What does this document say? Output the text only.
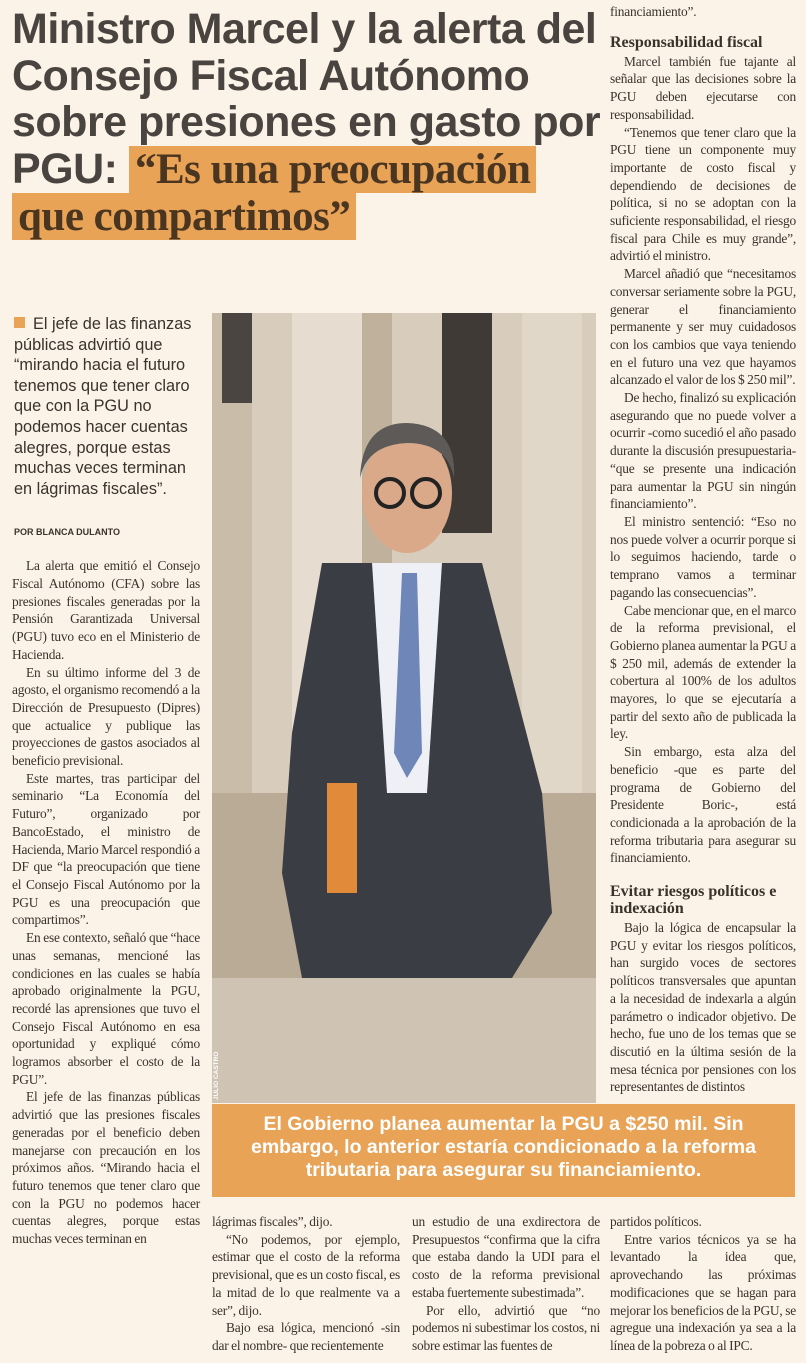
Ministro Marcel y la alerta del Consejo Fiscal Autónomo sobre presiones en gasto por PGU: “Es una preocupación que compartimos”
El jefe de las finanzas públicas advirtió que “mirando hacia el futuro tenemos que tener claro que con la PGU no podemos hacer cuentas alegres, porque estas muchas veces terminan en lágrimas fiscales”.
POR BLANCA DULANTO

La alerta que emitió el Consejo Fiscal Autónomo (CFA) sobre las presiones fiscales generadas por la Pensión Garantizada Universal (PGU) tuvo eco en el Ministerio de Hacienda.

En su último informe del 3 de agosto, el organismo recomendó a la Dirección de Presupuesto (Dipres) que actualice y publique las proyecciones de gastos asociados al beneficio previsional.

Este martes, tras participar del seminario “La Economía del Futuro”, organizado por BancoEstado, el ministro de Hacienda, Mario Marcel respondió a DF que “la preocupación que tiene el Consejo Fiscal Autónomo por la PGU es una preocupación que compartimos”.

En ese contexto, señaló que “hace unas semanas, mencioné las condiciones en las cuales se había aprobado originalmente la PGU, recordé las aprensiones que tuvo el Consejo Fiscal Autónomo en esa oportunidad y expliqué cómo logramos absorber el costo de la PGU”.

El jefe de las finanzas públicas advirtió que las presiones fiscales generadas por el beneficio deben manejarse con precaución en los próximos años. “Mirando hacia el futuro tenemos que tener claro que con la PGU no podemos hacer cuentas alegres, porque estas muchas veces terminan en

JULIO CASTRO
El Gobierno planea aumentar la PGU a $250 mil. Sin embargo, lo anterior estaría condicionado a la reforma tributaria para asegurar su financiamiento.

lágrimas fiscales”, dijo.

“No podemos, por ejemplo, estimar que el costo de la reforma previsional, que es un costo fiscal, es la mitad de lo que realmente va a ser”, dijo.

Bajo esa lógica, mencionó -sin dar el nombre- que recientemente

un estudio de una exdirectora de Presupuestos “confirma que la cifra que estaba dando la UDI para el costo de la reforma previsional estaba fuertemente subestimada”.

Por ello, advirtió que “no podemos ni subestimar los costos, ni sobre estimar las fuentes de

financiamiento”.

Responsabilidad fiscal

Marcel también fue tajante al señalar que las decisiones sobre la PGU deben ejecutarse con responsabilidad.

“Tenemos que tener claro que la PGU tiene un componente muy importante de costo fiscal y dependiendo de decisiones de política, si no se adoptan con la suficiente responsabilidad, el riesgo fiscal para Chile es muy grande”, advirtió el ministro.

Marcel añadió que “necesitamos conversar seriamente sobre la PGU, generar el financiamiento permanente y ser muy cuidadosos con los cambios que vaya teniendo en el futuro una vez que hayamos alcanzado el valor de los $ 250 mil”.

De hecho, finalizó su explicación asegurando que no puede volver a ocurrir -como sucedió el año pasado durante la discusión presupuestaria- “que se presente una indicación para aumentar la PGU sin ningún financiamiento”.

El ministro sentenció: “Eso no nos puede volver a ocurrir porque si lo seguimos haciendo, tarde o temprano vamos a terminar pagando las consecuencias”.

Cabe mencionar que, en el marco de la reforma previsional, el Gobierno planea aumentar la PGU a $ 250 mil, además de extender la cobertura al 100% de los adultos mayores, lo que se ejecutaría a partir del sexto año de publicada la ley.

Sin embargo, esta alza del beneficio -que es parte del programa de Gobierno del Presidente Boric-, está condicionada a la aprobación de la reforma tributaria para asegurar su financiamiento.

Evitar riesgos políticos e indexación

Bajo la lógica de encapsular la PGU y evitar los riesgos políticos, han surgido voces de sectores políticos transversales que apuntan a la necesidad de indexarla a algún parámetro o indicador objetivo. De hecho, fue uno de los temas que se discutió en la última sesión de la mesa técnica por pensiones con los representantes de distintos

partidos políticos.

Entre varios técnicos ya se ha levantado la idea que, aprovechando las próximas modificaciones que se hagan para mejorar los beneficios de la PGU, se agregue una indexación ya sea a la línea de la pobreza o al IPC.
